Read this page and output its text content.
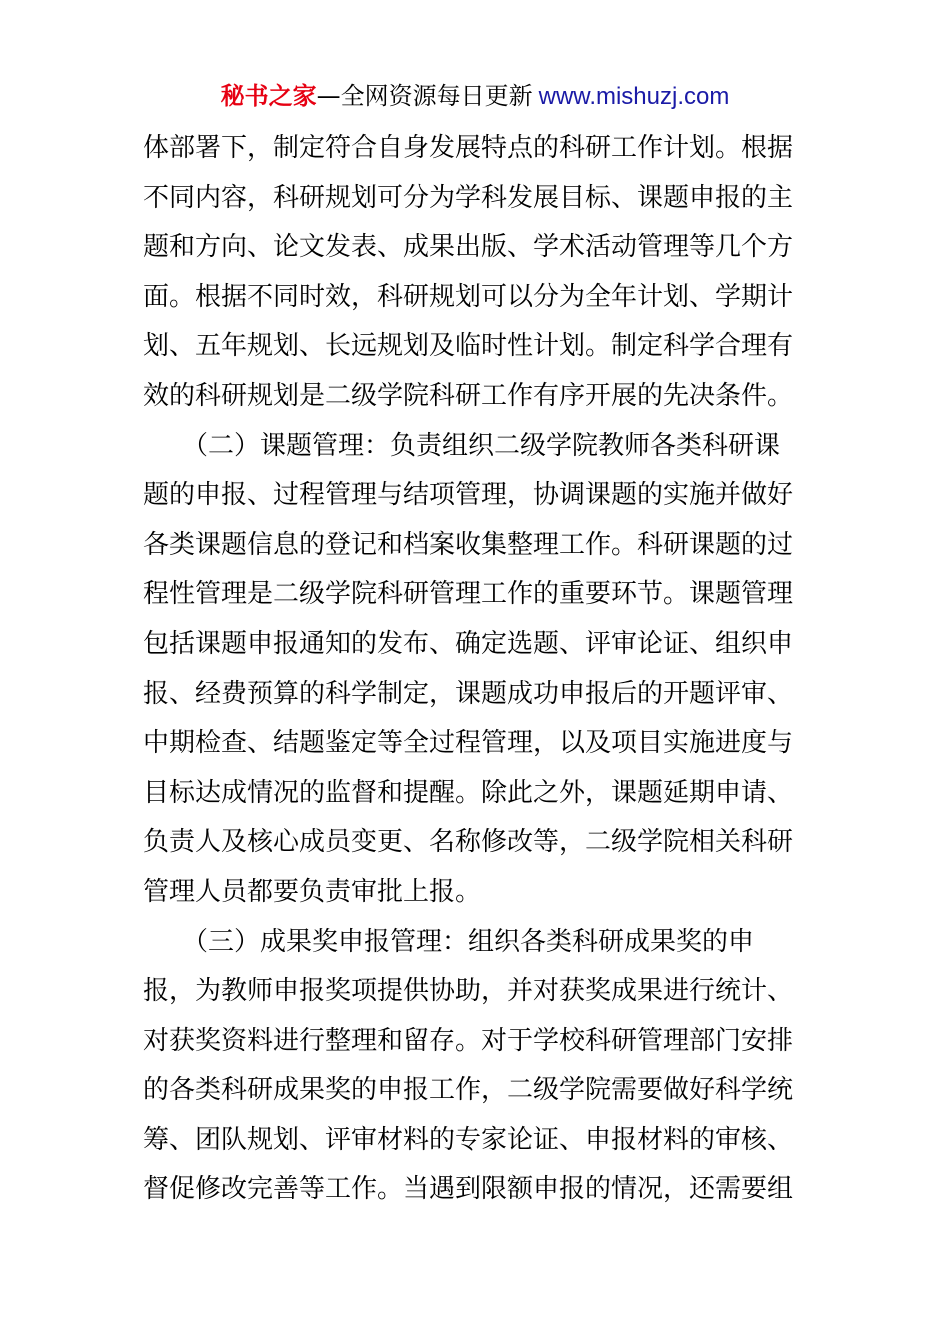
秘书之家—全网资源每日更新 www.mishuzj.com
体部署下，制定符合自身发展特点的科研工作计划。根据
不同内容，科研规划可分为学科发展目标、课题申报的主
题和方向、论文发表、成果出版、学术活动管理等几个方
面。根据不同时效，科研规划可以分为全年计划、学期计
划、五年规划、长远规划及临时性计划。制定科学合理有
效的科研规划是二级学院科研工作有序开展的先决条件。
　　（二）课题管理：负责组织二级学院教师各类科研课
题的申报、过程管理与结项管理，协调课题的实施并做好
各类课题信息的登记和档案收集整理工作。科研课题的过
程性管理是二级学院科研管理工作的重要环节。课题管理
包括课题申报通知的发布、确定选题、评审论证、组织申
报、经费预算的科学制定，课题成功申报后的开题评审、
中期检查、结题鉴定等全过程管理，以及项目实施进度与
目标达成情况的监督和提醒。除此之外，课题延期申请、
负责人及核心成员变更、名称修改等，二级学院相关科研
管理人员都要负责审批上报。
　　（三）成果奖申报管理：组织各类科研成果奖的申
报，为教师申报奖项提供协助，并对获奖成果进行统计、
对获奖资料进行整理和留存。对于学校科研管理部门安排
的各类科研成果奖的申报工作，二级学院需要做好科学统
筹、团队规划、评审材料的专家论证、申报材料的审核、
督促修改完善等工作。当遇到限额申报的情况，还需要组
